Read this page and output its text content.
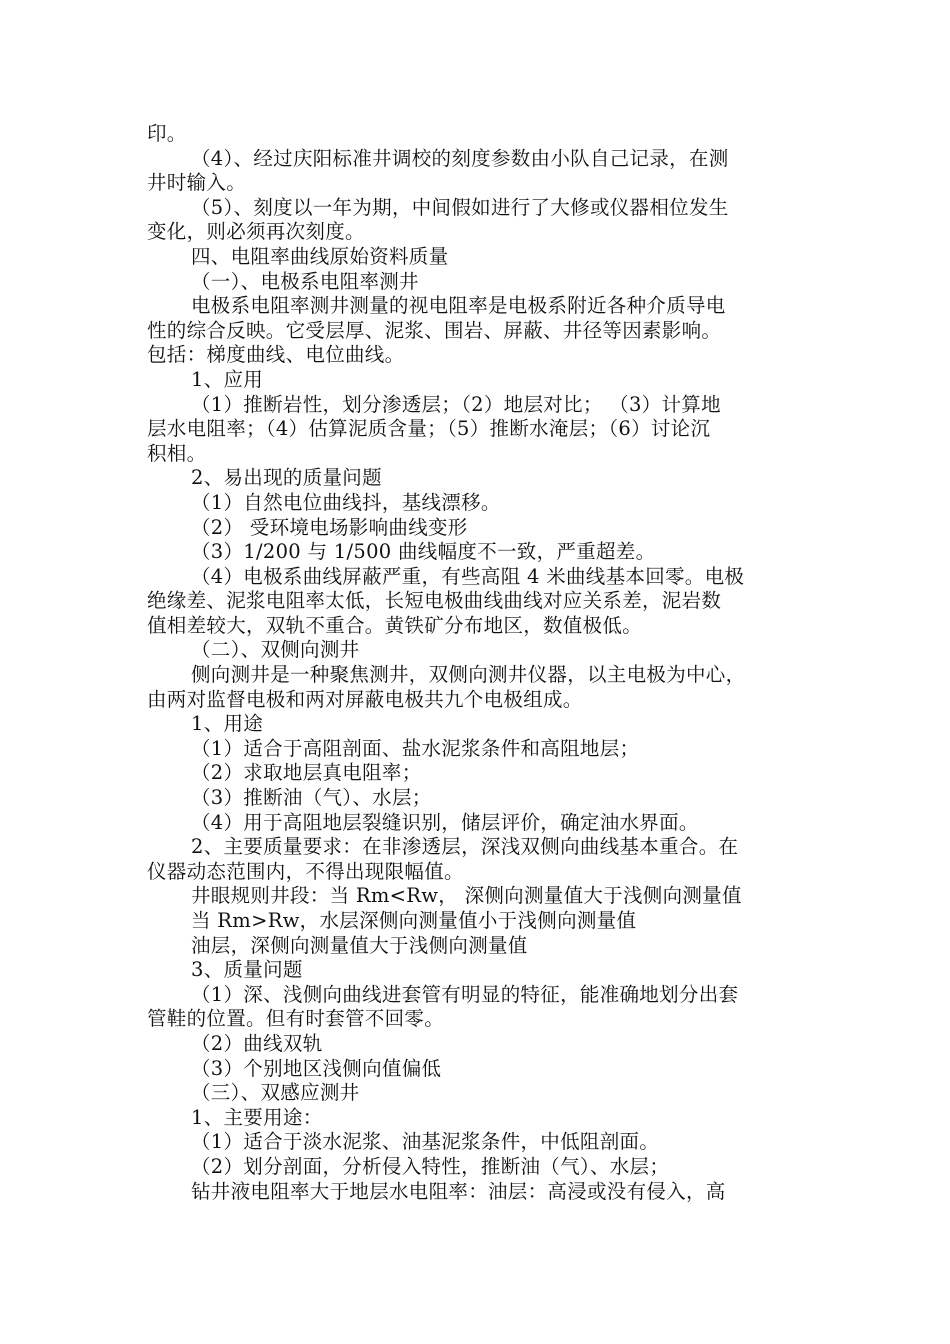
印。
（4）、经过庆阳标准井调校的刻度参数由小队自己记录，在测
井时输入。
（5）、刻度以一年为期，中间假如进行了大修或仪器相位发生
变化，则必须再次刻度。
四、电阻率曲线原始资料质量
（一）、电极系电阻率测井
电极系电阻率测井测量的视电阻率是电极系附近各种介质导电
性的综合反映。它受层厚、泥浆、围岩、屏蔽、井径等因素影响。
包括：梯度曲线、电位曲线。
1、应用
（1）推断岩性，划分渗透层；（2）地层对比； （3）计算地
层水电阻率；（4）估算泥质含量；（5）推断水淹层；（6）讨论沉
积相。
2、易出现的质量问题
（1）自然电位曲线抖，基线漂移。
（2） 受环境电场影响曲线变形
（3）1/200 与 1/500 曲线幅度不一致，严重超差。
（4）电极系曲线屏蔽严重，有些高阻 4 米曲线基本回零。电极
绝缘差、泥浆电阻率太低，长短电极曲线曲线对应关系差，泥岩数
值相差较大，双轨不重合。黄铁矿分布地区，数值极低。
（二）、双侧向测井
侧向测井是一种聚焦测井，双侧向测井仪器，以主电极为中心，
由两对监督电极和两对屏蔽电极共九个电极组成。
1、用途
（1）适合于高阻剖面、盐水泥浆条件和高阻地层；
（2）求取地层真电阻率；
（3）推断油（气）、水层；
（4）用于高阻地层裂缝识别，储层评价，确定油水界面。
2、主要质量要求：在非渗透层，深浅双侧向曲线基本重合。在
仪器动态范围内，不得出现限幅值。
井眼规则井段：当 Rm<Rw， 深侧向测量值大于浅侧向测量值
当 Rm>Rw，水层深侧向测量值小于浅侧向测量值
油层，深侧向测量值大于浅侧向测量值
3、质量问题
（1）深、浅侧向曲线进套管有明显的特征，能准确地划分出套
管鞋的位置。但有时套管不回零。
（2）曲线双轨
（3）个别地区浅侧向值偏低
（三）、双感应测井
1、主要用途：
（1）适合于淡水泥浆、油基泥浆条件，中低阻剖面。
（2）划分剖面，分析侵入特性，推断油（气）、水层；
钻井液电阻率大于地层水电阻率：油层：高浸或没有侵入，高
